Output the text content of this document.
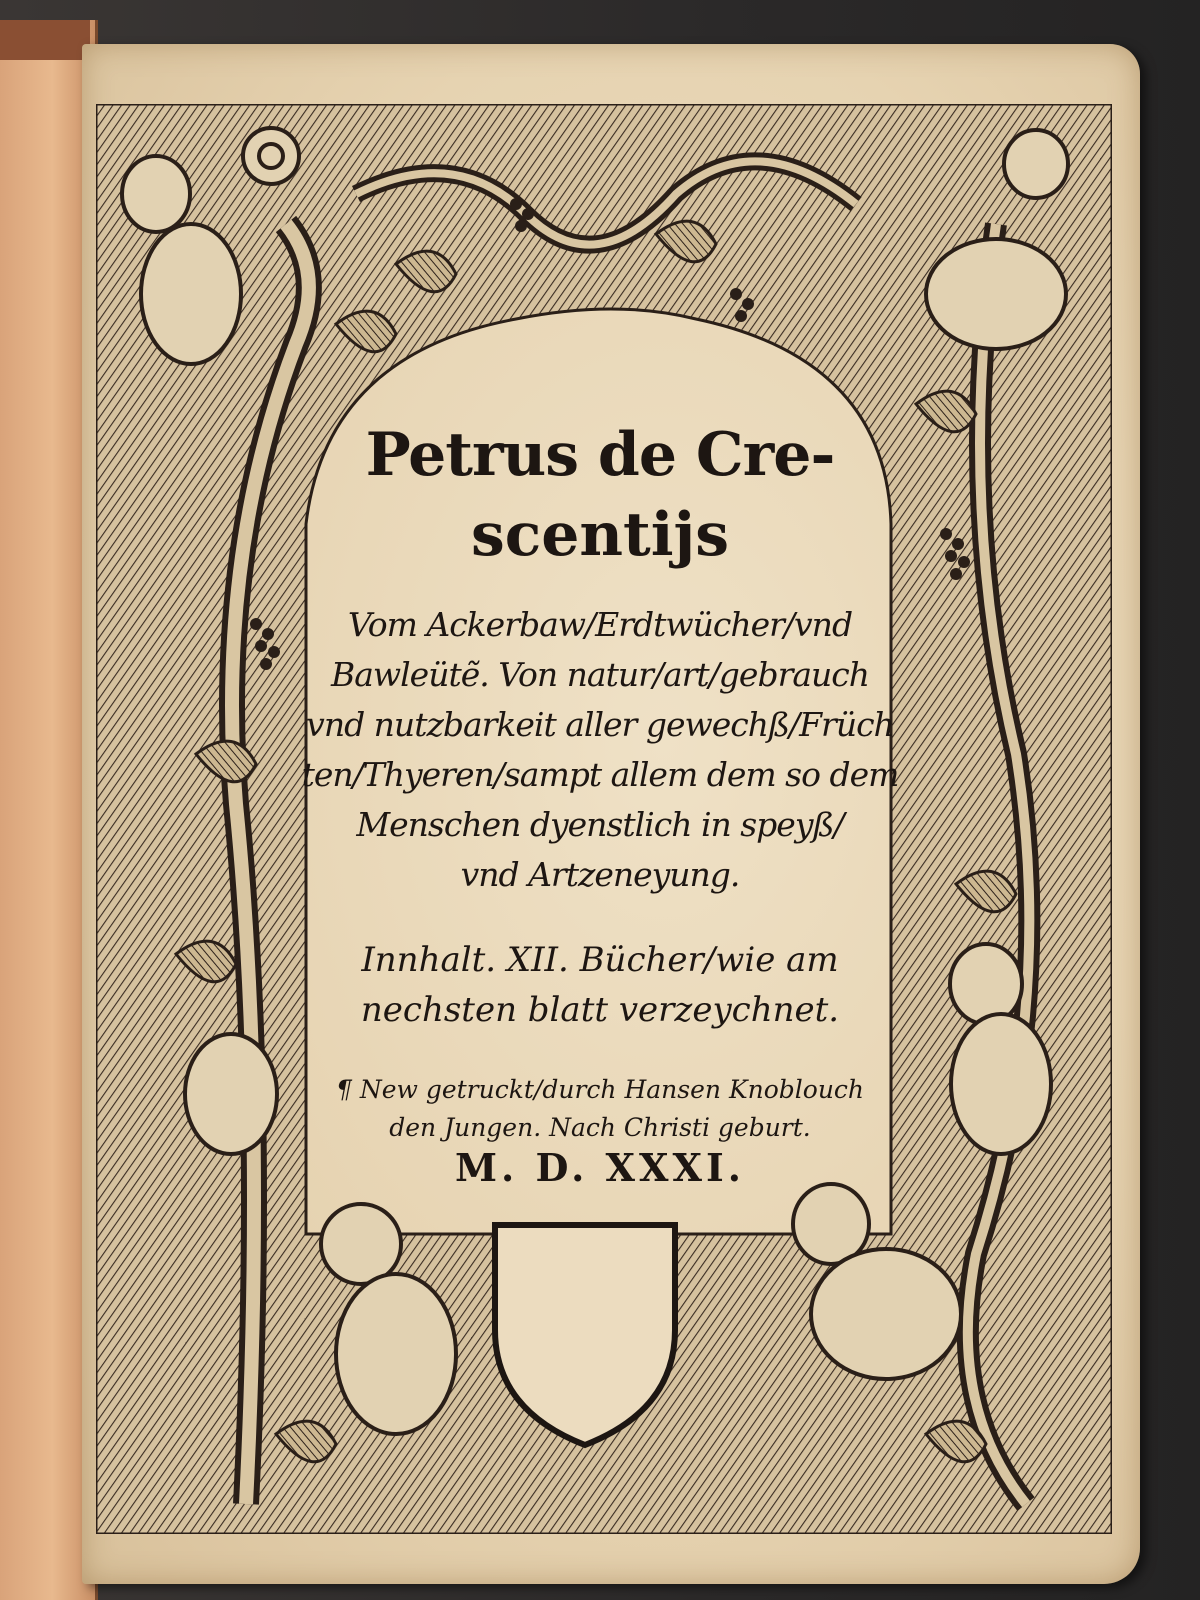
Petrus de Cre-
scentijs
Vom Ackerbaw/Erdtwücher/vnd
Bawleütẽ. Von natur/art/gebrauch
vnd nutzbarkeit aller gewechß/Früch
ten/Thyeren/sampt allem dem so dem
Menschen dyenstlich in speyß/
vnd Artzeneyung.
Innhalt. XII. Bücher/wie am
nechsten blatt verzeychnet.
¶ New getruckt/durch Hansen Knoblouch
den Jungen. Nach Christi geburt.
M. D. XXXI.
